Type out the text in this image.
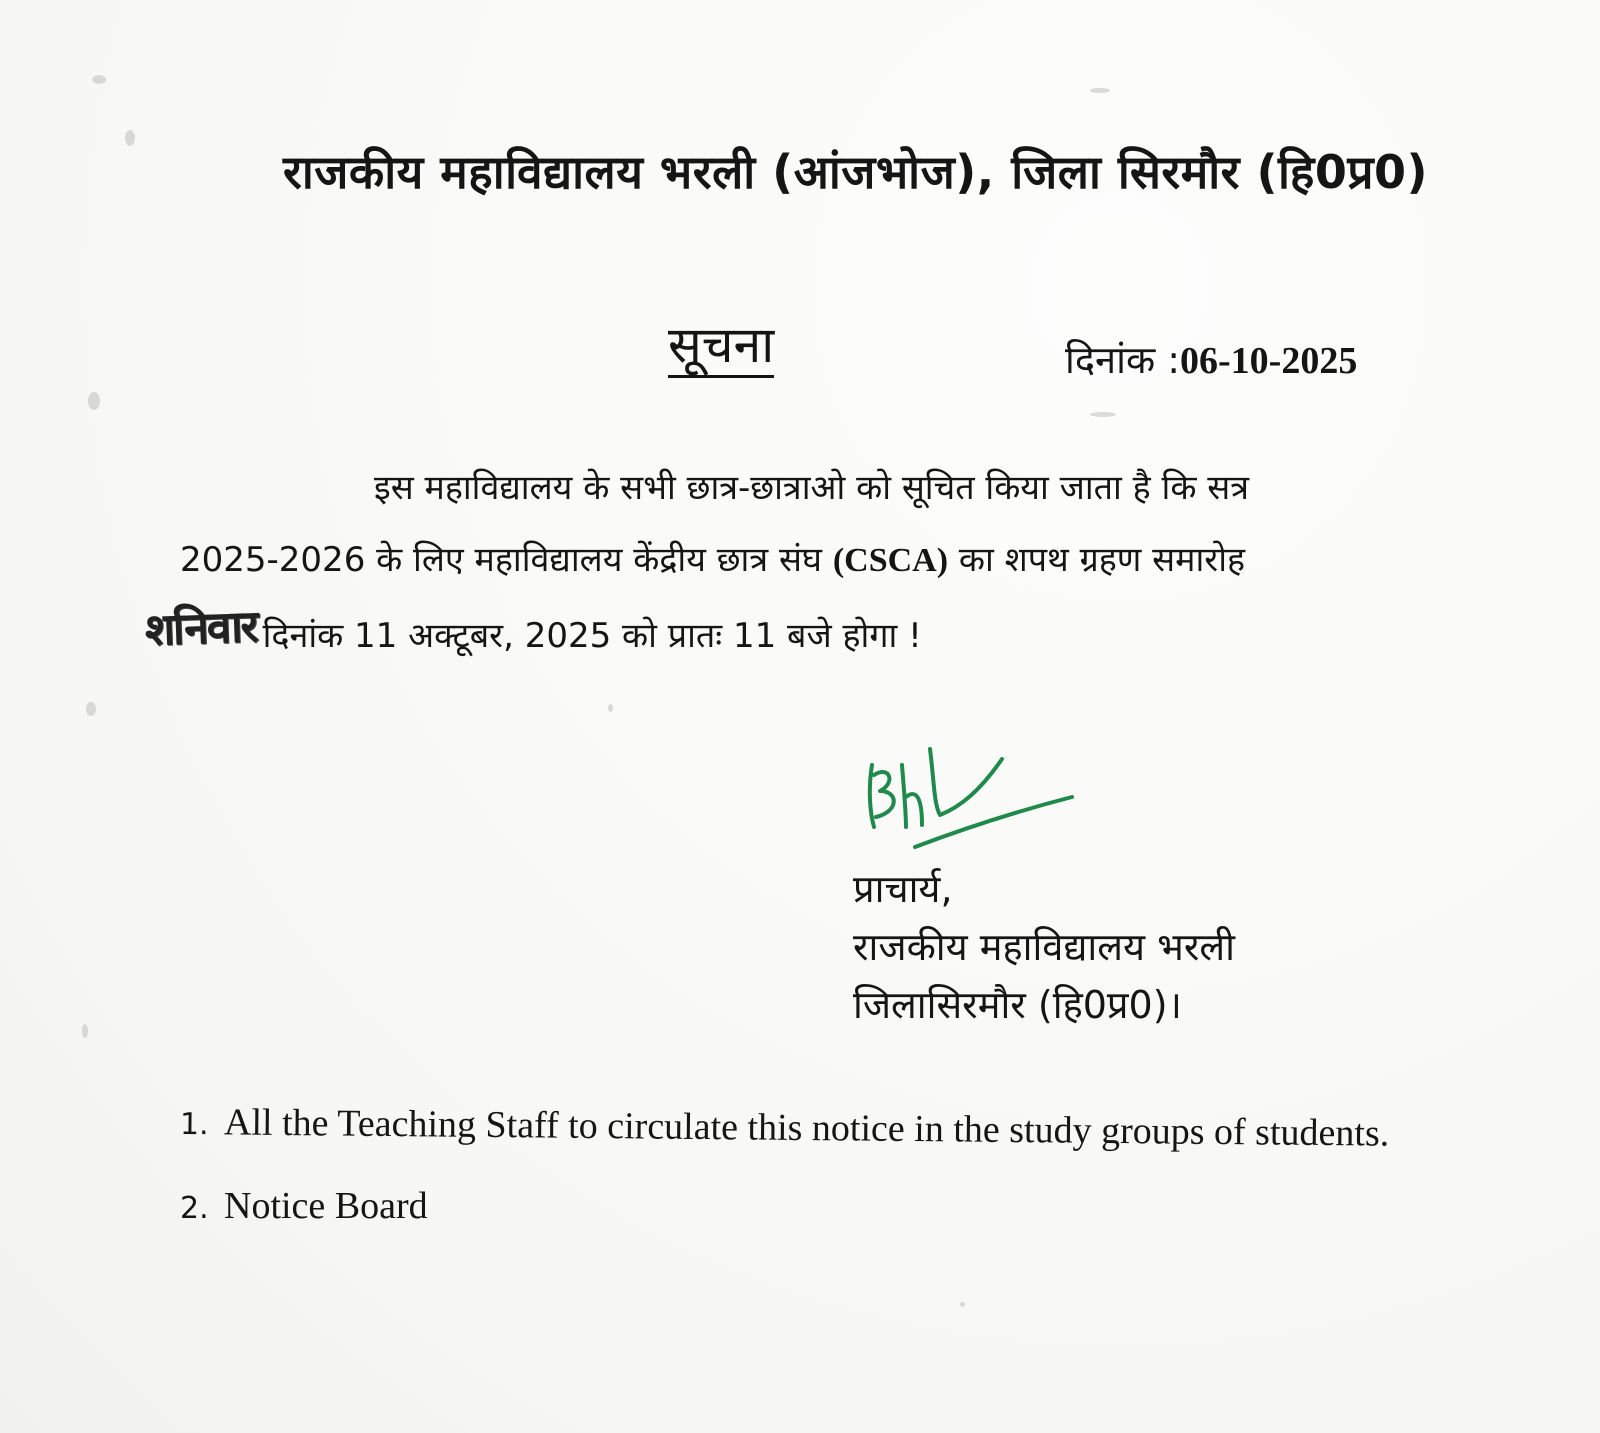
राजकीय महाविद्यालय भरली (आंजभोज), जिला सिरमौर (हि0प्र0)
सूचना	दिनांक :06-10-2025
इस महाविद्यालय के सभी छात्र-छात्राओ को सूचित किया जाता है कि सत्र
2025-2026 के लिए महाविद्यालय केंद्रीय छात्र संघ (CSCA) का शपथ ग्रहण समारोह
शनिवार दिनांक 11 अक्टूबर, 2025 को प्रातः 11 बजे होगा !
प्राचार्य,
राजकीय महाविद्यालय भरली
जिलासिरमौर (हि0प्र0)।
1. All the Teaching Staff to circulate this notice in the study groups of students.
2. Notice Board
